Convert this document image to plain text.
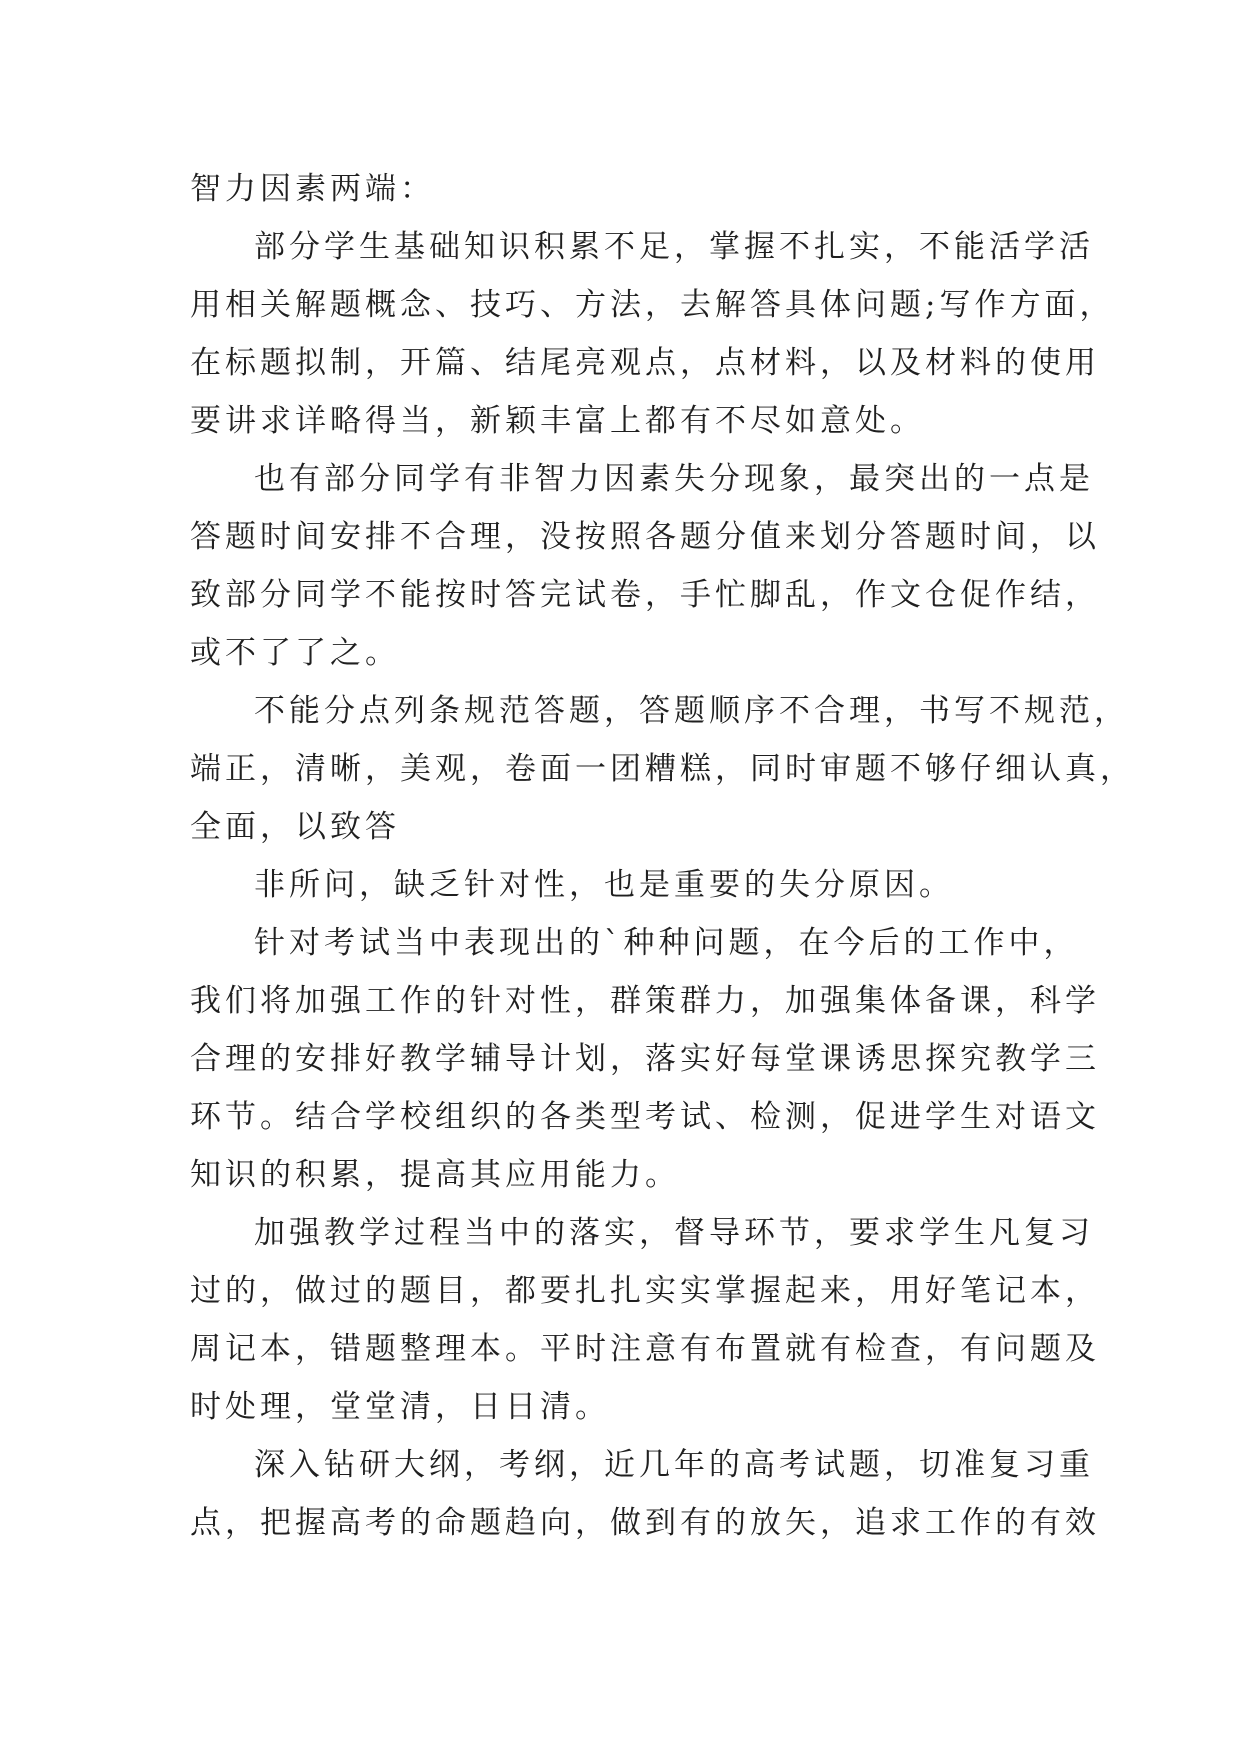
智力因素两端：

部分学生基础知识积累不足，掌握不扎实，不能活学活
用相关解题概念、技巧、方法，去解答具体问题;写作方面，
在标题拟制，开篇、结尾亮观点，点材料，以及材料的使用
要讲求详略得当，新颖丰富上都有不尽如意处。

也有部分同学有非智力因素失分现象，最突出的一点是
答题时间安排不合理，没按照各题分值来划分答题时间，以
致部分同学不能按时答完试卷，手忙脚乱，作文仓促作结，
或不了了之。

不能分点列条规范答题，答题顺序不合理，书写不规范，
端正，清晰，美观，卷面一团糟糕，同时审题不够仔细认真，
全面，以致答

非所问，缺乏针对性，也是重要的失分原因。

针对考试当中表现出的`种种问题，在今后的工作中，
我们将加强工作的针对性，群策群力，加强集体备课，科学
合理的安排好教学辅导计划，落实好每堂课诱思探究教学三
环节。结合学校组织的各类型考试、检测，促进学生对语文
知识的积累，提高其应用能力。

加强教学过程当中的落实，督导环节，要求学生凡复习
过的，做过的题目，都要扎扎实实掌握起来，用好笔记本，
周记本，错题整理本。平时注意有布置就有检查，有问题及
时处理，堂堂清，日日清。

深入钻研大纲，考纲，近几年的高考试题，切准复习重
点，把握高考的命题趋向，做到有的放矢，追求工作的有效
